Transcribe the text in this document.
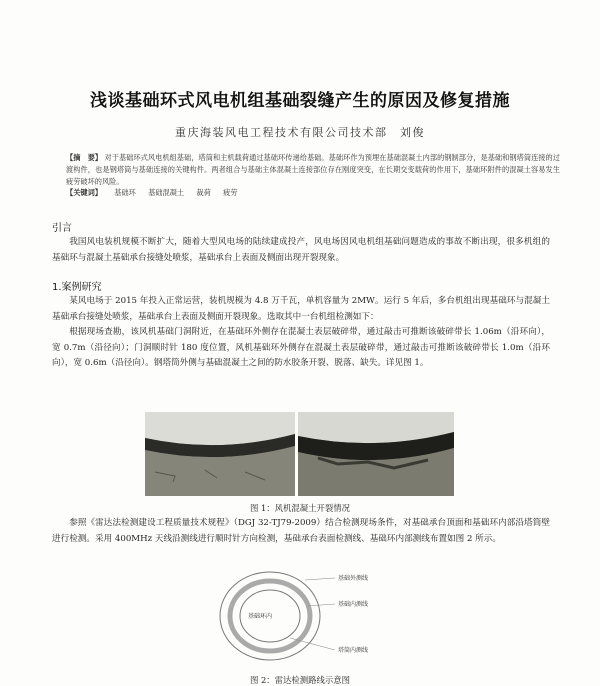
浅谈基础环式风电机组基础裂缝产生的原因及修复措施
重庆海装风电工程技术有限公司技术部　刘俊
【摘　要】 对于基础环式风电机组基础，塔筒和主机载荷通过基础环传递给基础。基础环作为预埋在基础混凝土内部的钢制部分，是基础和钢塔筒连接的过渡构件，也是钢塔筒与基础连接的关键构件。两者组合与基础主体混凝土连接部位存在刚度突变，在长期交变载荷的作用下，基础环附件的混凝土容易发生疲劳破坏的风险。
【关键词】 基础环 基础混凝土 裁荷 疲劳
引言
我国风电装机规模不断扩大，随着大型风电场的陆续建成投产，风电场因风电机组基础问题造成的事故不断出现，很多机组的基础环与混凝土基础承台接缝处喷浆，基础承台上表面及侧面出现开裂现象。
1.案例研究
某风电场于 2015 年投入正常运营，装机规模为 4.8 万千瓦，单机容量为 2MW。运行 5 年后，多台机组出现基础环与混凝土基础承台接缝处喷浆，基础承台上表面及侧面开裂现象。选取其中一台机组检测如下：
根据现场查勘，该风机基础门洞附近，在基础环外侧存在混凝土表层破碎带，通过敲击可推断该破碎带长 1.06m（沿环向），宽 0.7m（沿径向）；门洞顺时针 180 度位置，风机基础环外侧存在混凝土表层破碎带，通过敲击可推断该破碎带长 1.0m（沿环向），宽 0.6m（沿径向）。钢塔筒外侧与基础混凝土之间的防水胶条开裂、脱落、缺失。详见图 1。
图 1：风机混凝土开裂情况
参照《雷达法检测建设工程质量技术规程》（DGJ 32-TJ79-2009）结合检测现场条件，对基础承台顶面和基础环内部沿塔筒壁进行检测。采用 400MHz 天线沿测线进行顺时针方向检测，基础承台表面检测线、基础环内部测线布置如图 2 所示。
基础外测线
基础内测线
基础环内
塔筒内测线
图 2：雷达检测路线示意图
